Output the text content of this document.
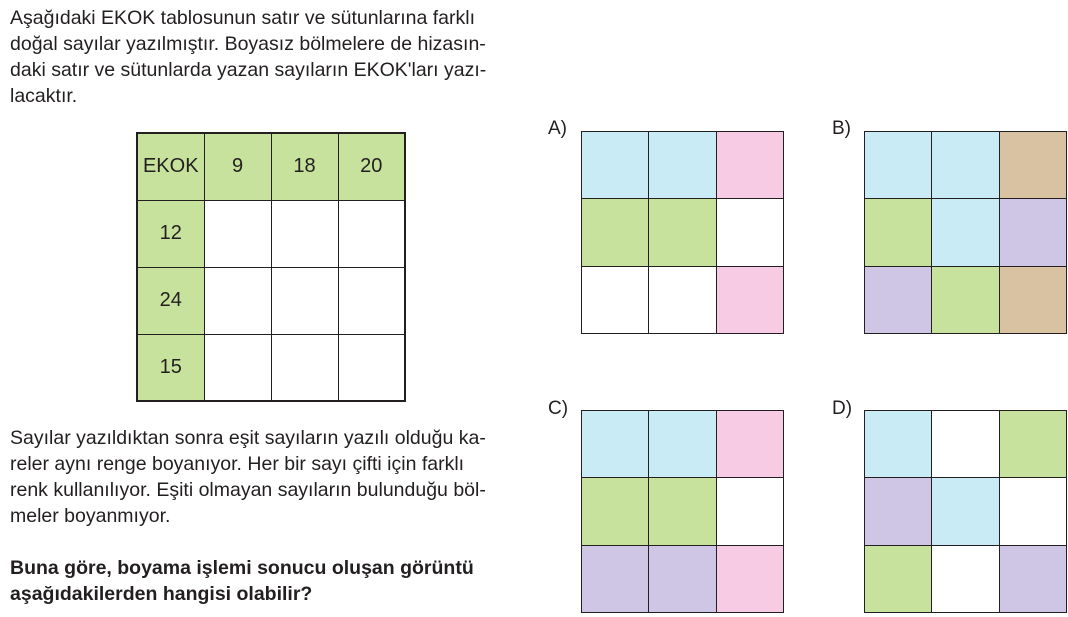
Aşağıdaki EKOK tablosunun satır ve sütunlarına farklı
doğal sayılar yazılmıştır. Boyasız bölmelere de hizasın-
daki satır ve sütunlarda yazan sayıların EKOK'ları yazı-
lacaktır.
EKOK	9	18	20
12			
24			
15			
Sayılar yazıldıktan sonra eşit sayıların yazılı olduğu ka-
reler aynı renge boyanıyor. Her bir sayı çifti için farklı
renk kullanılıyor. Eşiti olmayan sayıların bulunduğu böl-
meler boyanmıyor.
Buna göre, boyama işlemi sonucu oluşan görüntü
aşağıdakilerden hangisi olabilir?
A)	B)
C)	D)
